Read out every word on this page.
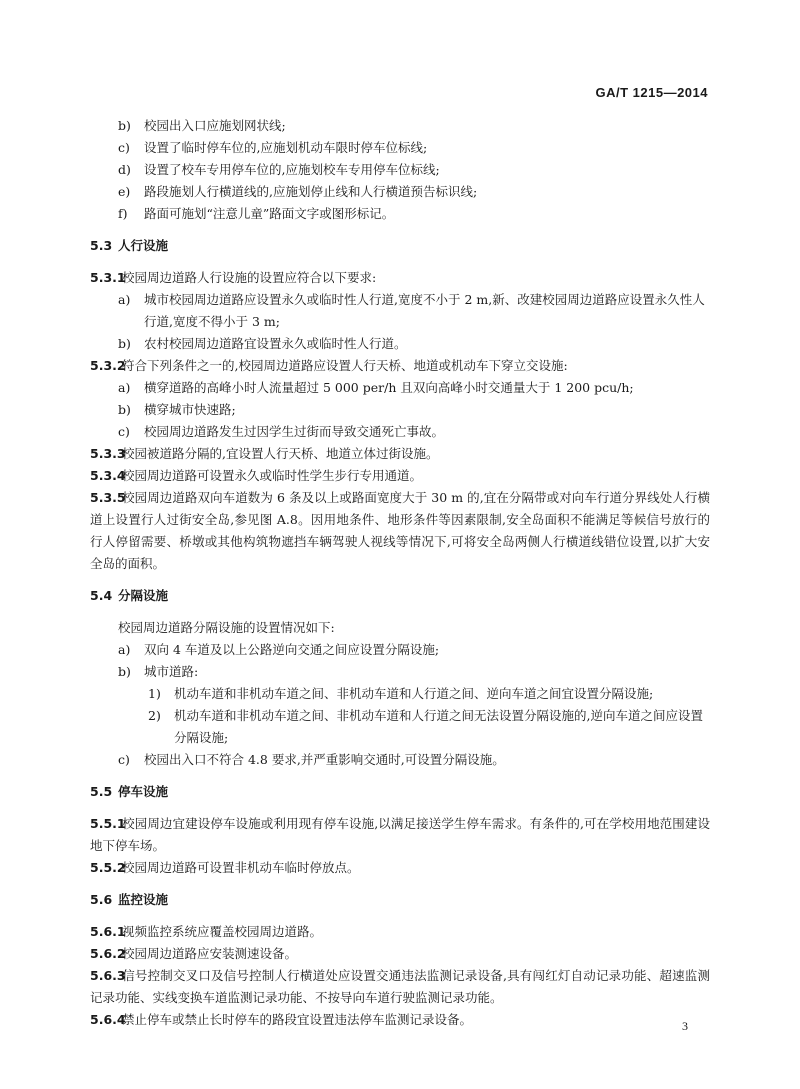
GA/T 1215—2014
b) 校园出入口应施划网状线;
c) 设置了临时停车位的,应施划机动车限时停车位标线;
d) 设置了校车专用停车位的,应施划校车专用停车位标线;
e) 路段施划人行横道线的,应施划停止线和人行横道预告标识线;
f) 路面可施划“注意儿童”路面文字或图形标记。
5.3 人行设施
5.3.1校园周边道路人行设施的设置应符合以下要求:
a) 城市校园周边道路应设置永久或临时性人行道,宽度不小于 2 m,新、改建校园周边道路应设置永久性人行道,宽度不得小于 3 m;
b) 农村校园周边道路宜设置永久或临时性人行道。
5.3.2符合下列条件之一的,校园周边道路应设置人行天桥、地道或机动车下穿立交设施:
a) 横穿道路的高峰小时人流量超过 5 000 per/h 且双向高峰小时交通量大于 1 200 pcu/h;
b) 横穿城市快速路;
c) 校园周边道路发生过因学生过街而导致交通死亡事故。
5.3.3校园被道路分隔的,宜设置人行天桥、地道立体过街设施。
5.3.4校园周边道路可设置永久或临时性学生步行专用通道。
5.3.5校园周边道路双向车道数为 6 条及以上或路面宽度大于 30 m 的,宜在分隔带或对向车行道分界线处人行横道上设置行人过街安全岛,参见图 A.8。因用地条件、地形条件等因素限制,安全岛面积不能满足等候信号放行的行人停留需要、桥墩或其他构筑物遮挡车辆驾驶人视线等情况下,可将安全岛两侧人行横道线错位设置,以扩大安全岛的面积。
5.4 分隔设施
校园周边道路分隔设施的设置情况如下:
a) 双向 4 车道及以上公路逆向交通之间应设置分隔设施;
b) 城市道路:
1) 机动车道和非机动车道之间、非机动车道和人行道之间、逆向车道之间宜设置分隔设施;
2) 机动车道和非机动车道之间、非机动车道和人行道之间无法设置分隔设施的,逆向车道之间应设置分隔设施;
c) 校园出入口不符合 4.8 要求,并严重影响交通时,可设置分隔设施。
5.5 停车设施
5.5.1校园周边宜建设停车设施或利用现有停车设施,以满足接送学生停车需求。有条件的,可在学校用地范围建设地下停车场。
5.5.2校园周边道路可设置非机动车临时停放点。
5.6 监控设施
5.6.1视频监控系统应覆盖校园周边道路。
5.6.2校园周边道路应安装测速设备。
5.6.3信号控制交叉口及信号控制人行横道处应设置交通违法监测记录设备,具有闯红灯自动记录功能、超速监测记录功能、实线变换车道监测记录功能、不按导向车道行驶监测记录功能。
5.6.4禁止停车或禁止长时停车的路段宜设置违法停车监测记录设备。	3
